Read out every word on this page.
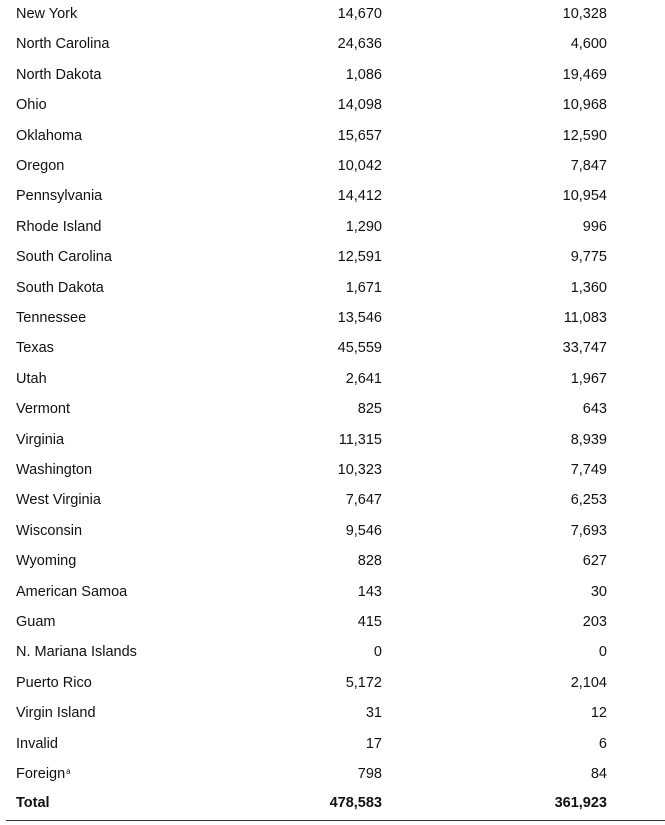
New York	14,670	10,328
North Carolina	24,636	4,600
North Dakota	1,086	19,469
Ohio	14,098	10,968
Oklahoma	15,657	12,590
Oregon	10,042	7,847
Pennsylvania	14,412	10,954
Rhode Island	1,290	996
South Carolina	12,591	9,775
South Dakota	1,671	1,360
Tennessee	13,546	11,083
Texas	45,559	33,747
Utah	2,641	1,967
Vermont	825	643
Virginia	11,315	8,939
Washington	10,323	7,749
West Virginia	7,647	6,253
Wisconsin	9,546	7,693
Wyoming	828	627
American Samoa	143	30
Guam	415	203
N. Mariana Islands	0	0
Puerto Rico	5,172	2,104
Virgin Island	31	12
Invalid	17	6
Foreign$^a$	798	84
Total	478,583	361,923
